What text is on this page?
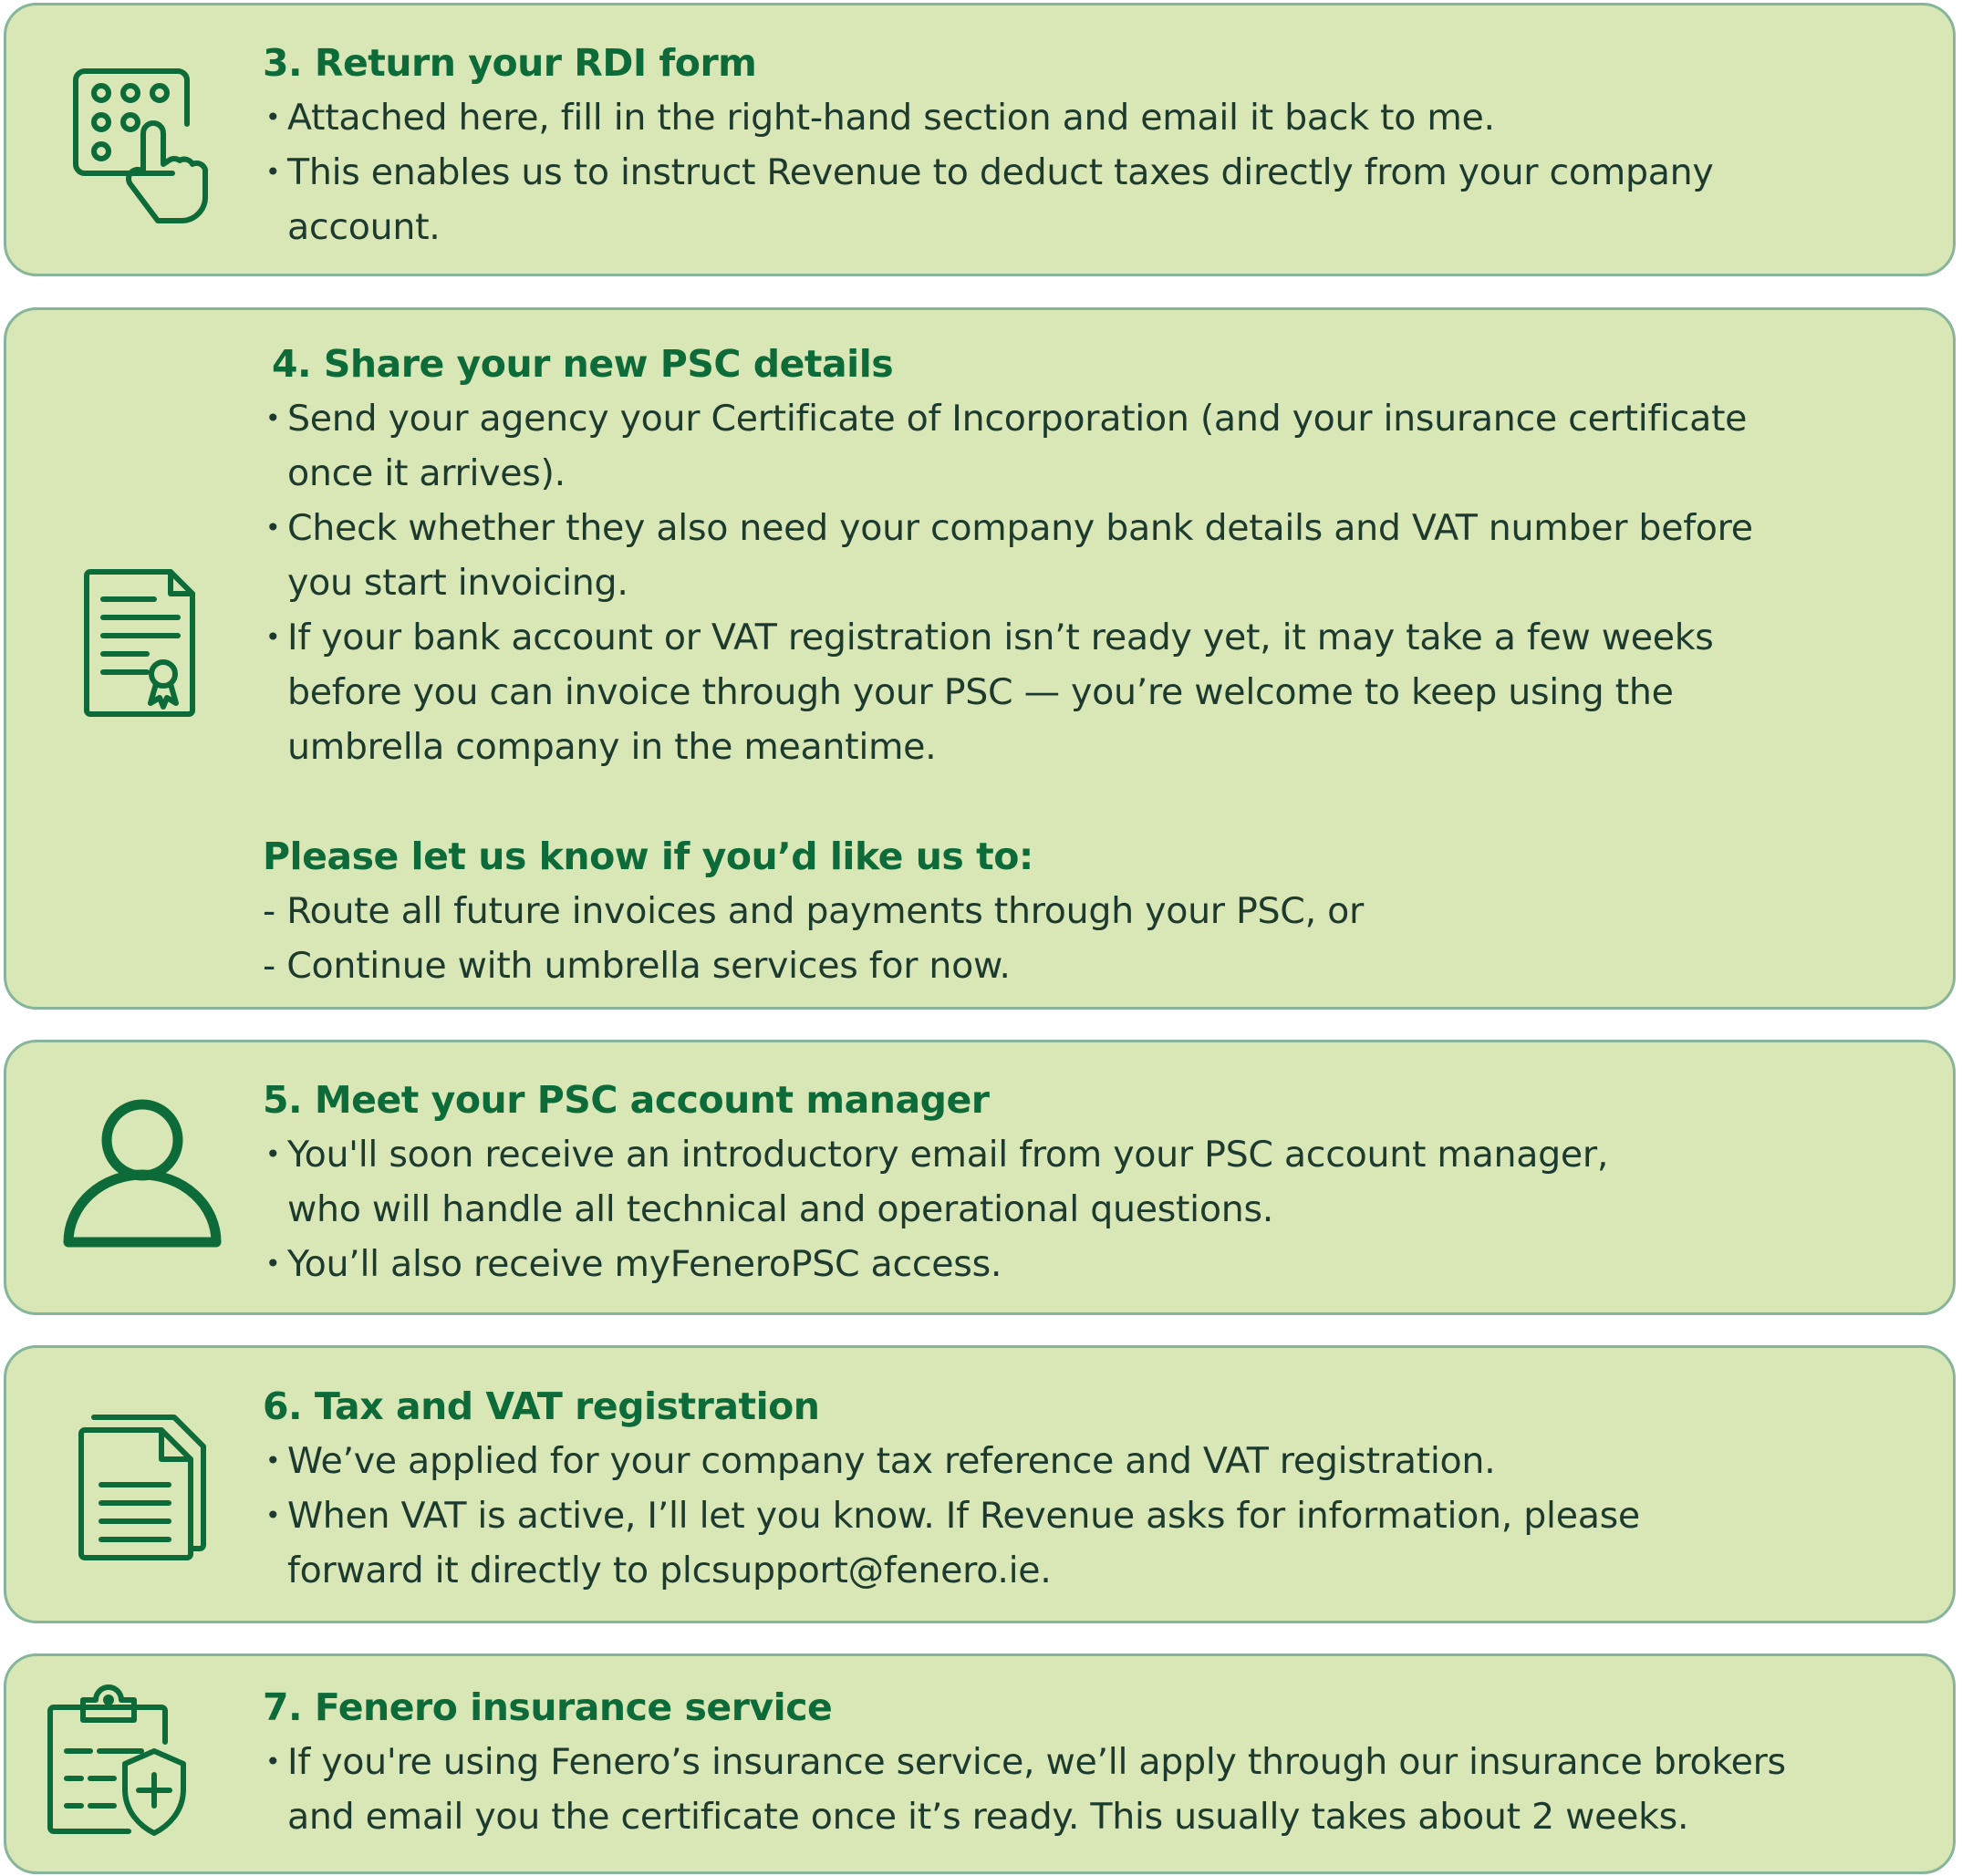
3. Return your RDI form
• Attached here, fill in the right-hand section and email it back to me.
• This enables us to instruct Revenue to deduct taxes directly from your company
account.
4. Share your new PSC details
• Send your agency your Certificate of Incorporation (and your insurance certificate
once it arrives).
• Check whether they also need your company bank details and VAT number before
you start invoicing.
• If your bank account or VAT registration isn’t ready yet, it may take a few weeks
before you can invoice through your PSC — you’re welcome to keep using the
umbrella company in the meantime.
Please let us know if you’d like us to:
- Route all future invoices and payments through your PSC, or
- Continue with umbrella services for now.
5. Meet your PSC account manager
• You'll soon receive an introductory email from your PSC account manager,
who will handle all technical and operational questions.
• You’ll also receive myFeneroPSC access.
6. Tax and VAT registration
• We’ve applied for your company tax reference and VAT registration.
• When VAT is active, I’ll let you know. If Revenue asks for information, please
forward it directly to plcsupport@fenero.ie.
7. Fenero insurance service
• If you're using Fenero’s insurance service, we’ll apply through our insurance brokers
and email you the certificate once it’s ready. This usually takes about 2 weeks.
